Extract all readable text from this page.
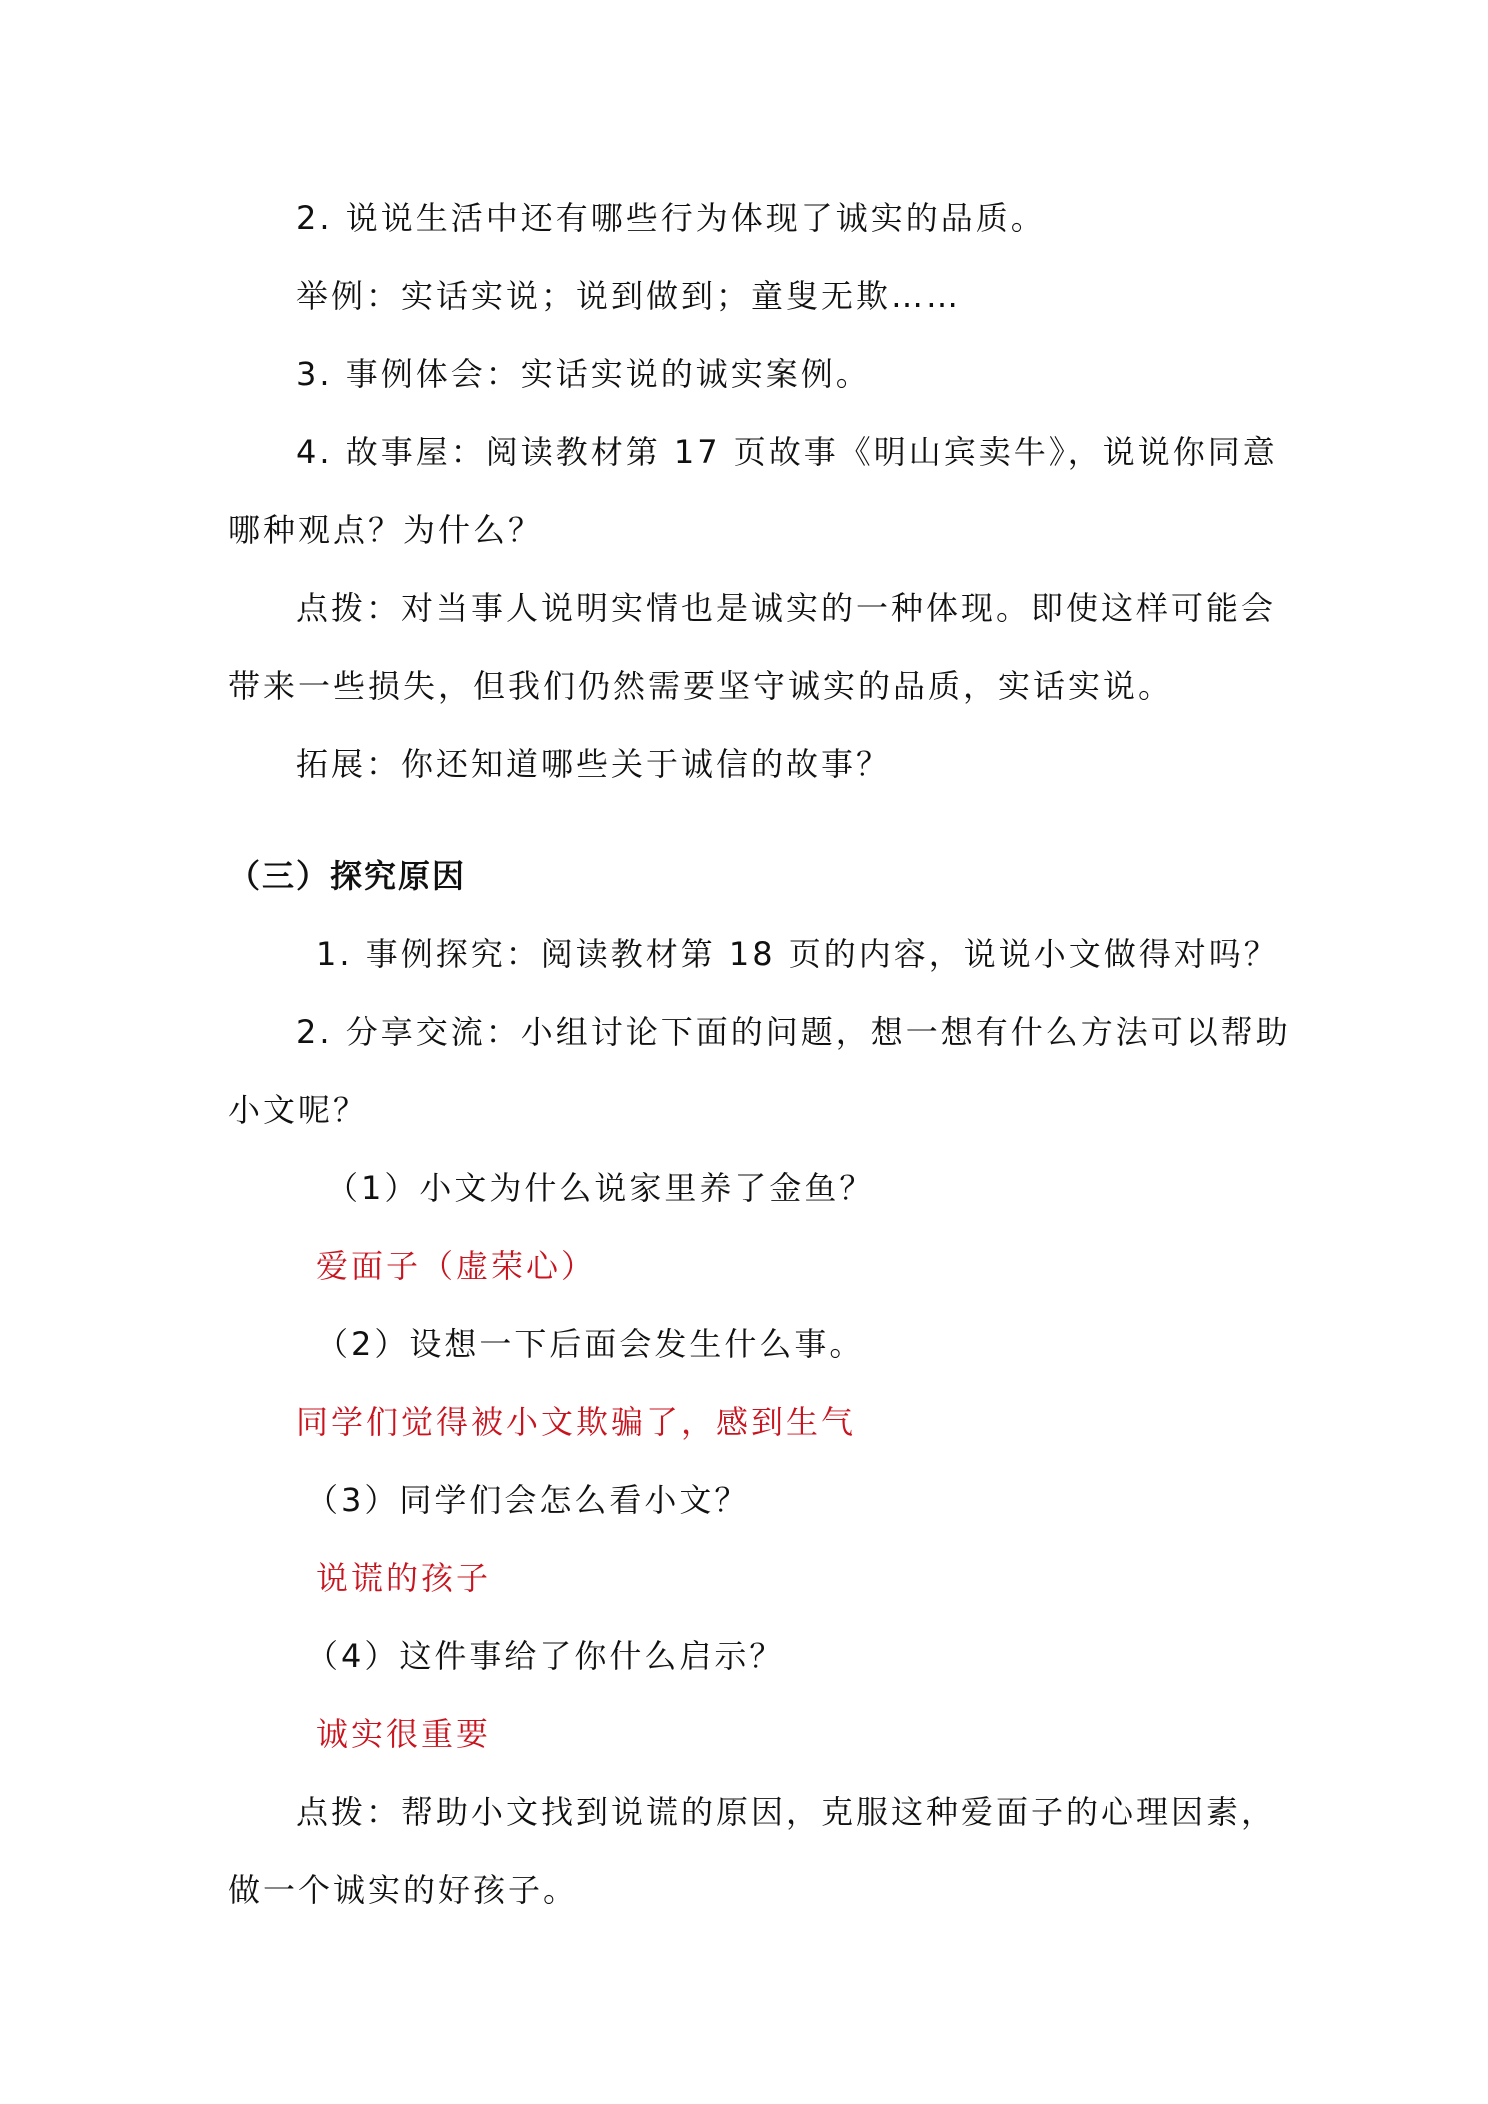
2. 说说生活中还有哪些行为体现了诚实的品质。
举例：实话实说；说到做到；童叟无欺……
3. 事例体会：实话实说的诚实案例。
4. 故事屋：阅读教材第 17 页故事《明山宾卖牛》，说说你同意
哪种观点？为什么？
点拨：对当事人说明实情也是诚实的一种体现。即使这样可能会
带来一些损失，但我们仍然需要坚守诚实的品质，实话实说。
拓展：你还知道哪些关于诚信的故事？
（三）探究原因
1. 事例探究：阅读教材第 18 页的内容，说说小文做得对吗？
2. 分享交流：小组讨论下面的问题，想一想有什么方法可以帮助
小文呢？
（1）小文为什么说家里养了金鱼？
爱面子（虚荣心）
（2）设想一下后面会发生什么事。
同学们觉得被小文欺骗了，感到生气
（3）同学们会怎么看小文？
说谎的孩子
（4）这件事给了你什么启示？
诚实很重要
点拨：帮助小文找到说谎的原因，克服这种爱面子的心理因素，
做一个诚实的好孩子。
